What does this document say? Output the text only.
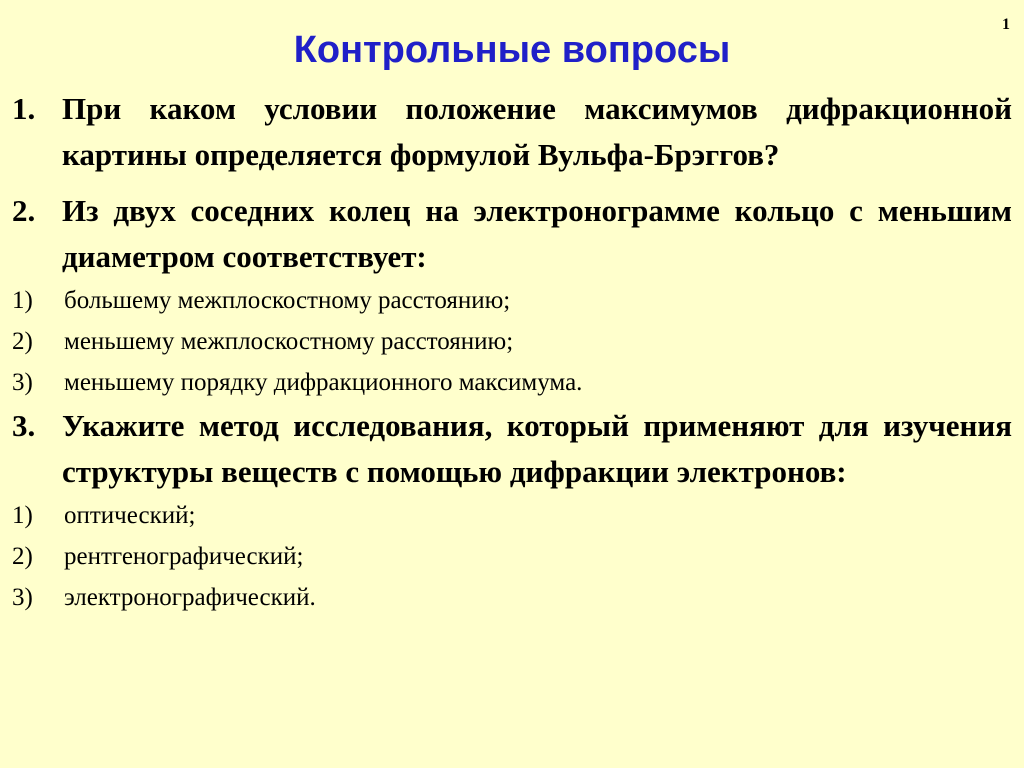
1
Контрольные вопросы
1. При каком условии положение максимумов дифракционной картины определяется формулой Вульфа-Брэггов?
2. Из двух соседних колец на электронограмме кольцо с меньшим диаметром соответствует:
1) большему межплоскостному расстоянию;
2) меньшему межплоскостному расстоянию;
3) меньшему порядку дифракционного максимума.
3. Укажите метод исследования, который применяют для изучения структуры веществ с помощью дифракции электронов:
1) оптический;
2) рентгенографический;
3) электронографический.
